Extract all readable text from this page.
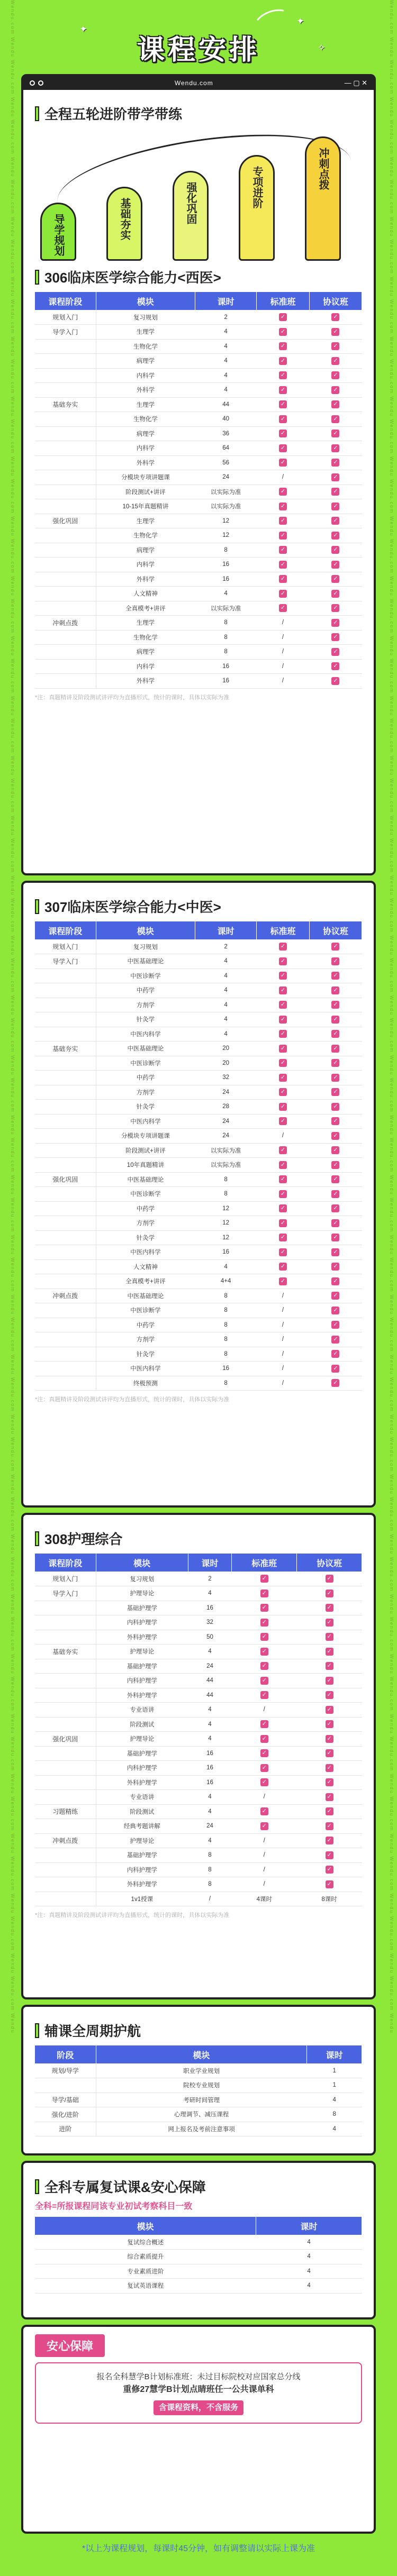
Wendu.com Wendu Wendu.com Wendu Wendu.com Wendu Wendu.com Wendu Wendu.com Wendu Wendu.com Wendu Wendu.com Wendu Wendu.com Wendu Wendu.com Wendu Wendu.com Wendu Wendu.com Wendu Wendu.com Wendu Wendu.com Wendu Wendu.com Wendu Wendu.com Wendu Wendu.com Wendu Wendu.com Wendu Wendu.com Wendu Wendu.com Wendu Wendu.com Wendu Wendu.com Wendu Wendu.com Wendu Wendu.com Wendu Wendu.com Wendu Wendu.com Wendu Wendu.com Wendu Wendu.com Wendu Wendu.com Wendu Wendu.com Wendu Wendu.com Wendu Wendu.com Wendu Wendu.com Wendu Wendu.com Wendu Wendu.com Wendu	Wendu.com Wendu Wendu.com Wendu Wendu.com Wendu Wendu.com Wendu Wendu.com Wendu Wendu.com Wendu Wendu.com Wendu Wendu.com Wendu Wendu.com Wendu Wendu.com Wendu Wendu.com Wendu Wendu.com Wendu Wendu.com Wendu Wendu.com Wendu Wendu.com Wendu Wendu.com Wendu Wendu.com Wendu Wendu.com Wendu Wendu.com Wendu Wendu.com Wendu Wendu.com Wendu Wendu.com Wendu Wendu.com Wendu Wendu.com Wendu Wendu.com Wendu Wendu.com Wendu Wendu.com Wendu Wendu.com Wendu Wendu.com Wendu Wendu.com Wendu Wendu.com Wendu Wendu.com Wendu Wendu.com Wendu Wendu.com Wendu
✦
✦
✧
课程安排
Wendu.com	— ▢ ✕
全程五轮进阶带学带练
导学规划	基础夯实	强化巩固	专项进阶	冲刺点拨
306临床医学综合能力<西医>
课程阶段	模块	课时	标准班	协议班
规划入门	复习规划	2	✓	✓
导学入门	生理学	4	✓	✓
	生物化学	4	✓	✓
	病理学	4	✓	✓
	内科学	4	✓	✓
	外科学	4	✓	✓
基础夯实	生理学	44	✓	✓
	生物化学	40	✓	✓
	病理学	36	✓	✓
	内科学	64	✓	✓
	外科学	56	✓	✓
	分模块专项讲题课	24	/	✓
	阶段测试+讲评	以实际为准	✓	✓
	10-15年真题精讲	以实际为准	✓	✓
强化巩固	生理学	12	✓	✓
	生物化学	12	✓	✓
	病理学	8	✓	✓
	内科学	16	✓	✓
	外科学	16	✓	✓
	人文精神	4	✓	✓
	全真模考+讲评	以实际为准	✓	✓
冲刺点拨	生理学	8	/	✓
	生物化学	8	/	✓
	病理学	8	/	✓
	内科学	16	/	✓
	外科学	16	/	✓
*注：真题精讲及阶段测试讲评均为直播形式，统计的课时，具体以实际为准
307临床医学综合能力<中医>
课程阶段	模块	课时	标准班	协议班
规划入门	复习规划	2	✓	✓
导学入门	中医基础理论	4	✓	✓
	中医诊断学	4	✓	✓
	中药学	4	✓	✓
	方剂学	4	✓	✓
	针灸学	4	✓	✓
	中医内科学	4	✓	✓
基础夯实	中医基础理论	20	✓	✓
	中医诊断学	20	✓	✓
	中药学	32	✓	✓
	方剂学	24	✓	✓
	针灸学	28	✓	✓
	中医内科学	24	✓	✓
	分模块专项讲题课	24	/	✓
	阶段测试+讲评	以实际为准	✓	✓
	10年真题精讲	以实际为准	✓	✓
强化巩固	中医基础理论	8	✓	✓
	中医诊断学	8	✓	✓
	中药学	12	✓	✓
	方剂学	12	✓	✓
	针灸学	12	✓	✓
	中医内科学	16	✓	✓
	人文精神	4	✓	✓
	全真模考+讲评	4+4	✓	✓
冲刺点拨	中医基础理论	8	/	✓
	中医诊断学	8	/	✓
	中药学	8	/	✓
	方剂学	8	/	✓
	针灸学	8	/	✓
	中医内科学	16	/	✓
	终极预测	8	/	✓
*注：真题精讲及阶段测试讲评均为直播形式，统计的课时，具体以实际为准
308护理综合
课程阶段	模块	课时	标准班	协议班
规划入门	复习规划	2	✓	✓
导学入门	护理导论	4	✓	✓
	基础护理学	16	✓	✓
	内科护理学	32	✓	✓
	外科护理学	50	✓	✓
基础夯实	护理导论	4	✓	✓
	基础护理学	24	✓	✓
	内科护理学	44	✓	✓
	外科护理学	44	✓	✓
	专业语讲	4	/	✓
	阶段测试	4	✓	✓
强化巩固	护理导论	4	✓	✓
	基础护理学	16	✓	✓
	内科护理学	16	✓	✓
	外科护理学	16	✓	✓
	专业语讲	4	/	✓
习题精练	阶段测试	4	✓	✓
	经典考题讲解	24	✓	✓
冲刺点拨	护理导论	4	/	✓
	基础护理学	8	/	✓
	内科护理学	8	/	✓
	外科护理学	8	/	✓
	1v1授课	/	4课时	8课时
*注：真题精讲及阶段测试讲评均为直播形式，统计的课时，具体以实际为准
辅课全周期护航
阶段	模块	课时
规划/导学	职业学业规划	1
	院校专业规划	1
导学/基础	考研时间管理	4
强化/进阶	心理调节、减压课程	8
进阶	网上报名及考前注意事项	4
全科专属复试课&安心保障
全科=所报课程同该专业初试考察科目一致
模块	课时
复试综合概述	4
综合素质提升	4
专业素质进阶	4
复试英语课程	4
安心保障
报名全科慧学B计划标准班：未过目标院校对应国家总分线
重修27慧学B计划点睛班任一公共课单科
含课程资料，不含服务
*以上为课程规划，每课时45分钟，如有调整请以实际上课为准
